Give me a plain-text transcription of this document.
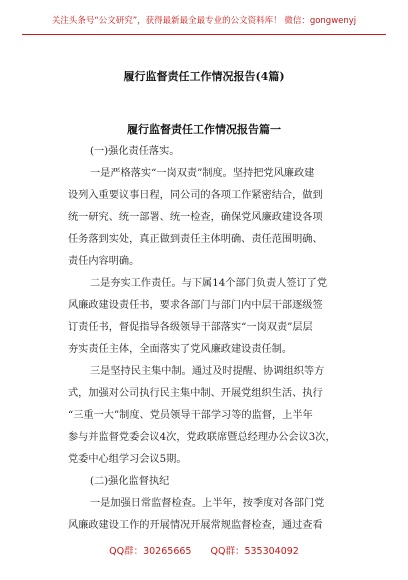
关注头条号“公文研究”，获得最新最全最专业的公文资料库！ 微信：gongwenyj
履行监督责任工作情况报告(4篇)
履行监督责任工作情况报告篇一
(一)强化责任落实。
一是严格落实“一岗双责”制度。坚持把党风廉政建
设列入重要议事日程，同公司的各项工作紧密结合，做到
统一研究、统一部署、统一检查，确保党风廉政建设各项
任务落到实处，真正做到责任主体明确、责任范围明确、
责任内容明确。
二是夯实工作责任。与下属14个部门负责人签订了党
风廉政建设责任书，要求各部门与部门内中层干部逐级签
订责任书，督促指导各级领导干部落实“一岗双责”层层
夯实责任主体，全面落实了党风廉政建设责任制。
三是坚持民主集中制。通过及时提醒、协调组织等方
式，加强对公司执行民主集中制、开展党组织生活、执行
“三重一大”制度、党员领导干部学习等的监督，上半年
参与并监督党委会议4次，党政联席暨总经理办公会议3次，
党委中心组学习会议5期。
(二)强化监督执纪
一是加强日常监督检查。上半年，按季度对各部门党
风廉政建设工作的开展情况开展常规监督检查，通过查看
QQ群：30265665 QQ群：535304092
